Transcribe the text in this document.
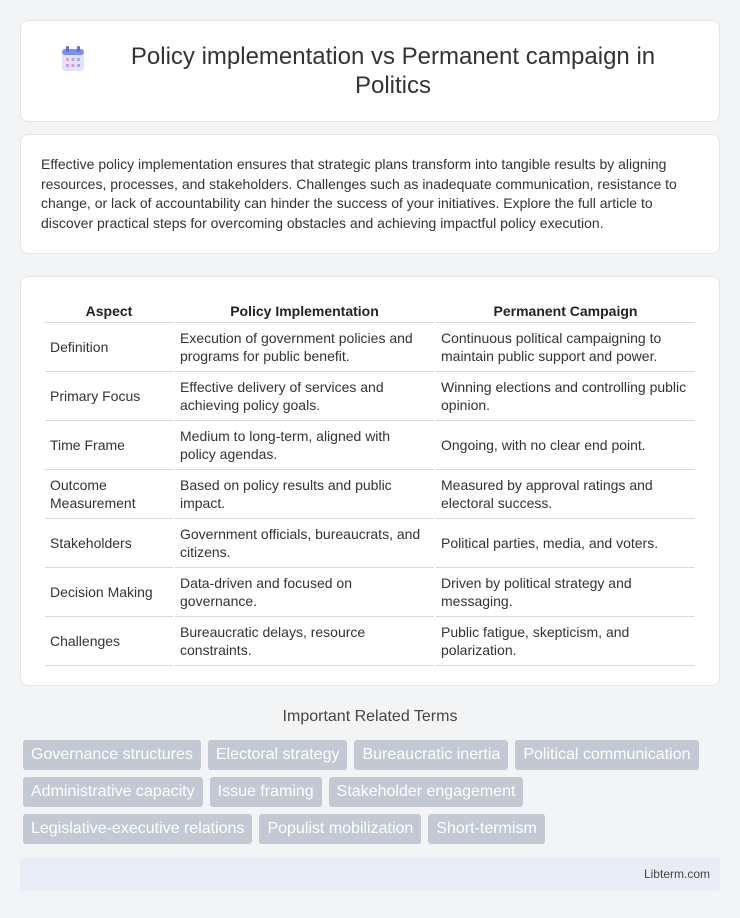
Policy implementation vs Permanent campaign in Politics

Effective policy implementation ensures that strategic plans transform into tangible results by aligning resources, processes, and stakeholders. Challenges such as inadequate communication, resistance to change, or lack of accountability can hinder the success of your initiatives. Explore the full article to discover practical steps for overcoming obstacles and achieving impactful policy execution.

Aspect	Policy Implementation	Permanent Campaign
Definition	Execution of government policies and programs for public benefit.	Continuous political campaigning to maintain public support and power.
Primary Focus	Effective delivery of services and achieving policy goals.	Winning elections and controlling public opinion.
Time Frame	Medium to long-term, aligned with policy agendas.	Ongoing, with no clear end point.
Outcome Measurement	Based on policy results and public impact.	Measured by approval ratings and electoral success.
Stakeholders	Government officials, bureaucrats, and citizens.	Political parties, media, and voters.
Decision Making	Data-driven and focused on governance.	Driven by political strategy and messaging.
Challenges	Bureaucratic delays, resource constraints.	Public fatigue, skepticism, and polarization.
Important Related Terms
Governance structures	Electoral strategy	Bureaucratic inertia	Political communication
Administrative capacity	Issue framing	Stakeholder engagement
Legislative-executive relations	Populist mobilization	Short-termism
Libterm.com
